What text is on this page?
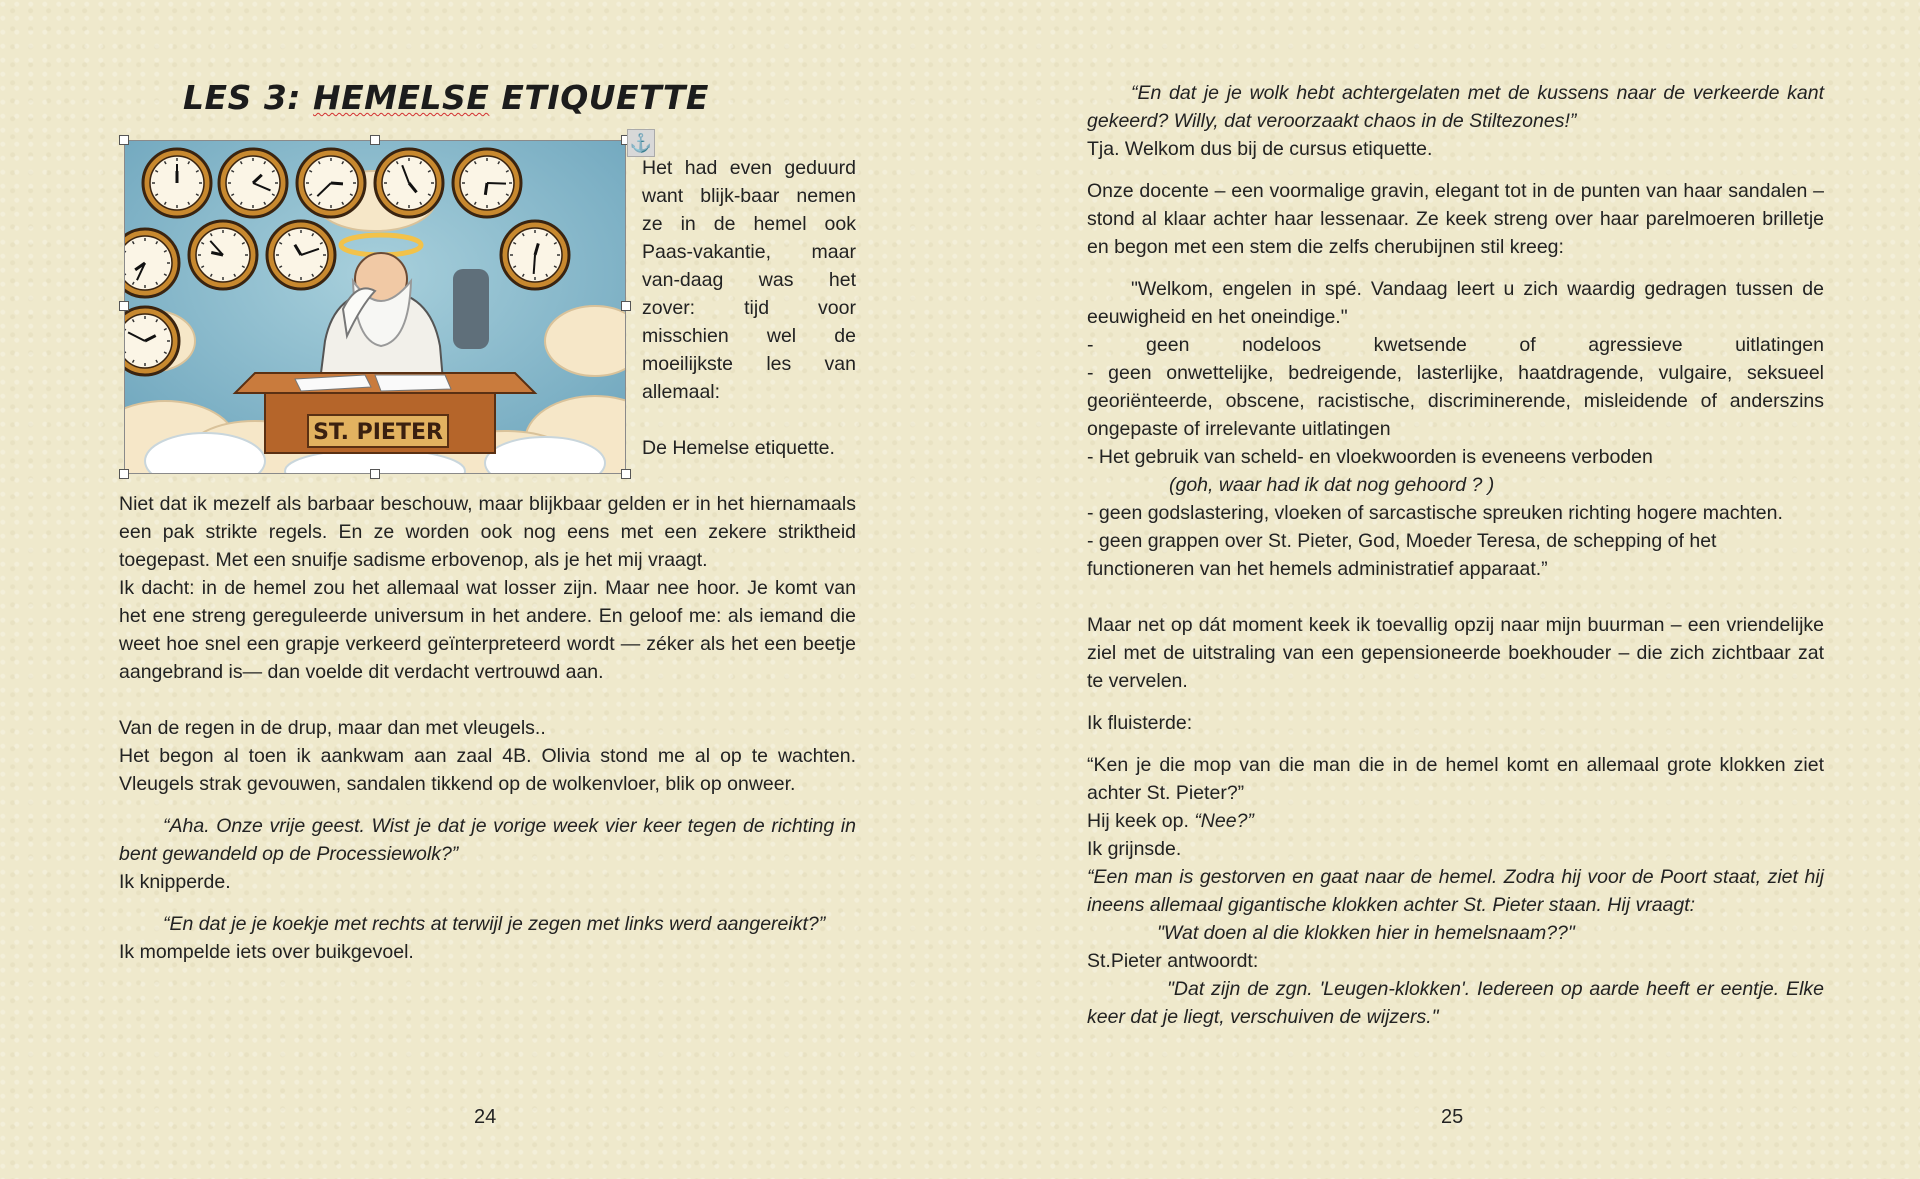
LES 3: HEMELSE ETIQUETTE
ST. PIETER
⚓

Het had even geduurd

want blijk-baar nemen

ze in de hemel ook

Paas-vakantie, maar

van-daag was het

zover: tijd voor

misschien wel de

moeilijkste les van

allemaal:

De Hemelse etiquette.

Niet dat ik mezelf als barbaar beschouw, maar blijkbaar gelden er in het hiernamaals een pak strikte regels. En ze worden ook nog eens met een zekere striktheid toegepast. Met een snuifje sadisme erbovenop, als je het mij vraagt.

Ik dacht: in de hemel zou het allemaal wat losser zijn. Maar nee hoor. Je komt van het ene streng gereguleerde universum in het andere. En geloof me: als iemand die weet hoe snel een grapje verkeerd geïnterpreteerd wordt — zéker als het een beetje aangebrand is— dan voelde dit verdacht vertrouwd aan.

Van de regen in de drup, maar dan met vleugels..

Het begon al toen ik aankwam aan zaal 4B. Olivia stond me al op te wachten. Vleugels strak gevouwen, sandalen tikkend op de wolkenvloer, blik op onweer.

“Aha. Onze vrije geest. Wist je dat je vorige week vier keer tegen de richting in bent gewandeld op de Processiewolk?”

Ik knipperde.

“En dat je je koekje met rechts at terwijl je zegen met links werd aangereikt?”

Ik mompelde iets over buikgevoel.

24	25

“En dat je je wolk hebt achtergelaten met de kussens naar de verkeerde kant gekeerd? Willy, dat veroorzaakt chaos in de Stiltezones!”

Tja. Welkom dus bij de cursus etiquette.

Onze docente – een voormalige gravin, elegant tot in de punten van haar sandalen – stond al klaar achter haar lessenaar. Ze keek streng over haar parelmoeren brilletje en begon met een stem die zelfs cherubijnen stil kreeg:

"Welkom, engelen in spé. Vandaag leert u zich waardig gedragen tussen de eeuwigheid en het oneindige."

-    geen    nodeloos    kwetsende    of    agressieve    uitlatingen

- geen onwettelijke, bedreigende, lasterlijke, haatdragende, vulgaire, seksueel georiënteerde, obscene, racistische, discriminerende, misleidende of anderszins ongepaste of irrelevante uitlatingen

- Het gebruik van scheld- en vloekwoorden is eveneens verboden

(goh, waar had ik dat nog gehoord ? )

- geen godslastering, vloeken of sarcastische spreuken richting hogere machten.

- geen grappen over St. Pieter, God, Moeder Teresa, de schepping of het functioneren van het hemels administratief apparaat.”

Maar net op dát moment keek ik toevallig opzij naar mijn buurman – een vriendelijke ziel met de uitstraling van een gepensioneerde boekhouder – die zich zichtbaar zat te vervelen.

Ik fluisterde:

“Ken je die mop van die man die in de hemel komt en allemaal grote klokken ziet achter St. Pieter?”

Hij keek op. “Nee?”

Ik grijnsde.

“Een man is gestorven en gaat naar de hemel. Zodra hij voor de Poort staat, ziet hij ineens allemaal gigantische klokken achter St. Pieter staan. Hij vraagt:

"Wat doen al die klokken hier in hemelsnaam??"

St.Pieter antwoordt:

"Dat zijn de zgn. 'Leugen-klokken'. Iedereen op aarde heeft er eentje. Elke keer dat je liegt, verschuiven de wijzers."
